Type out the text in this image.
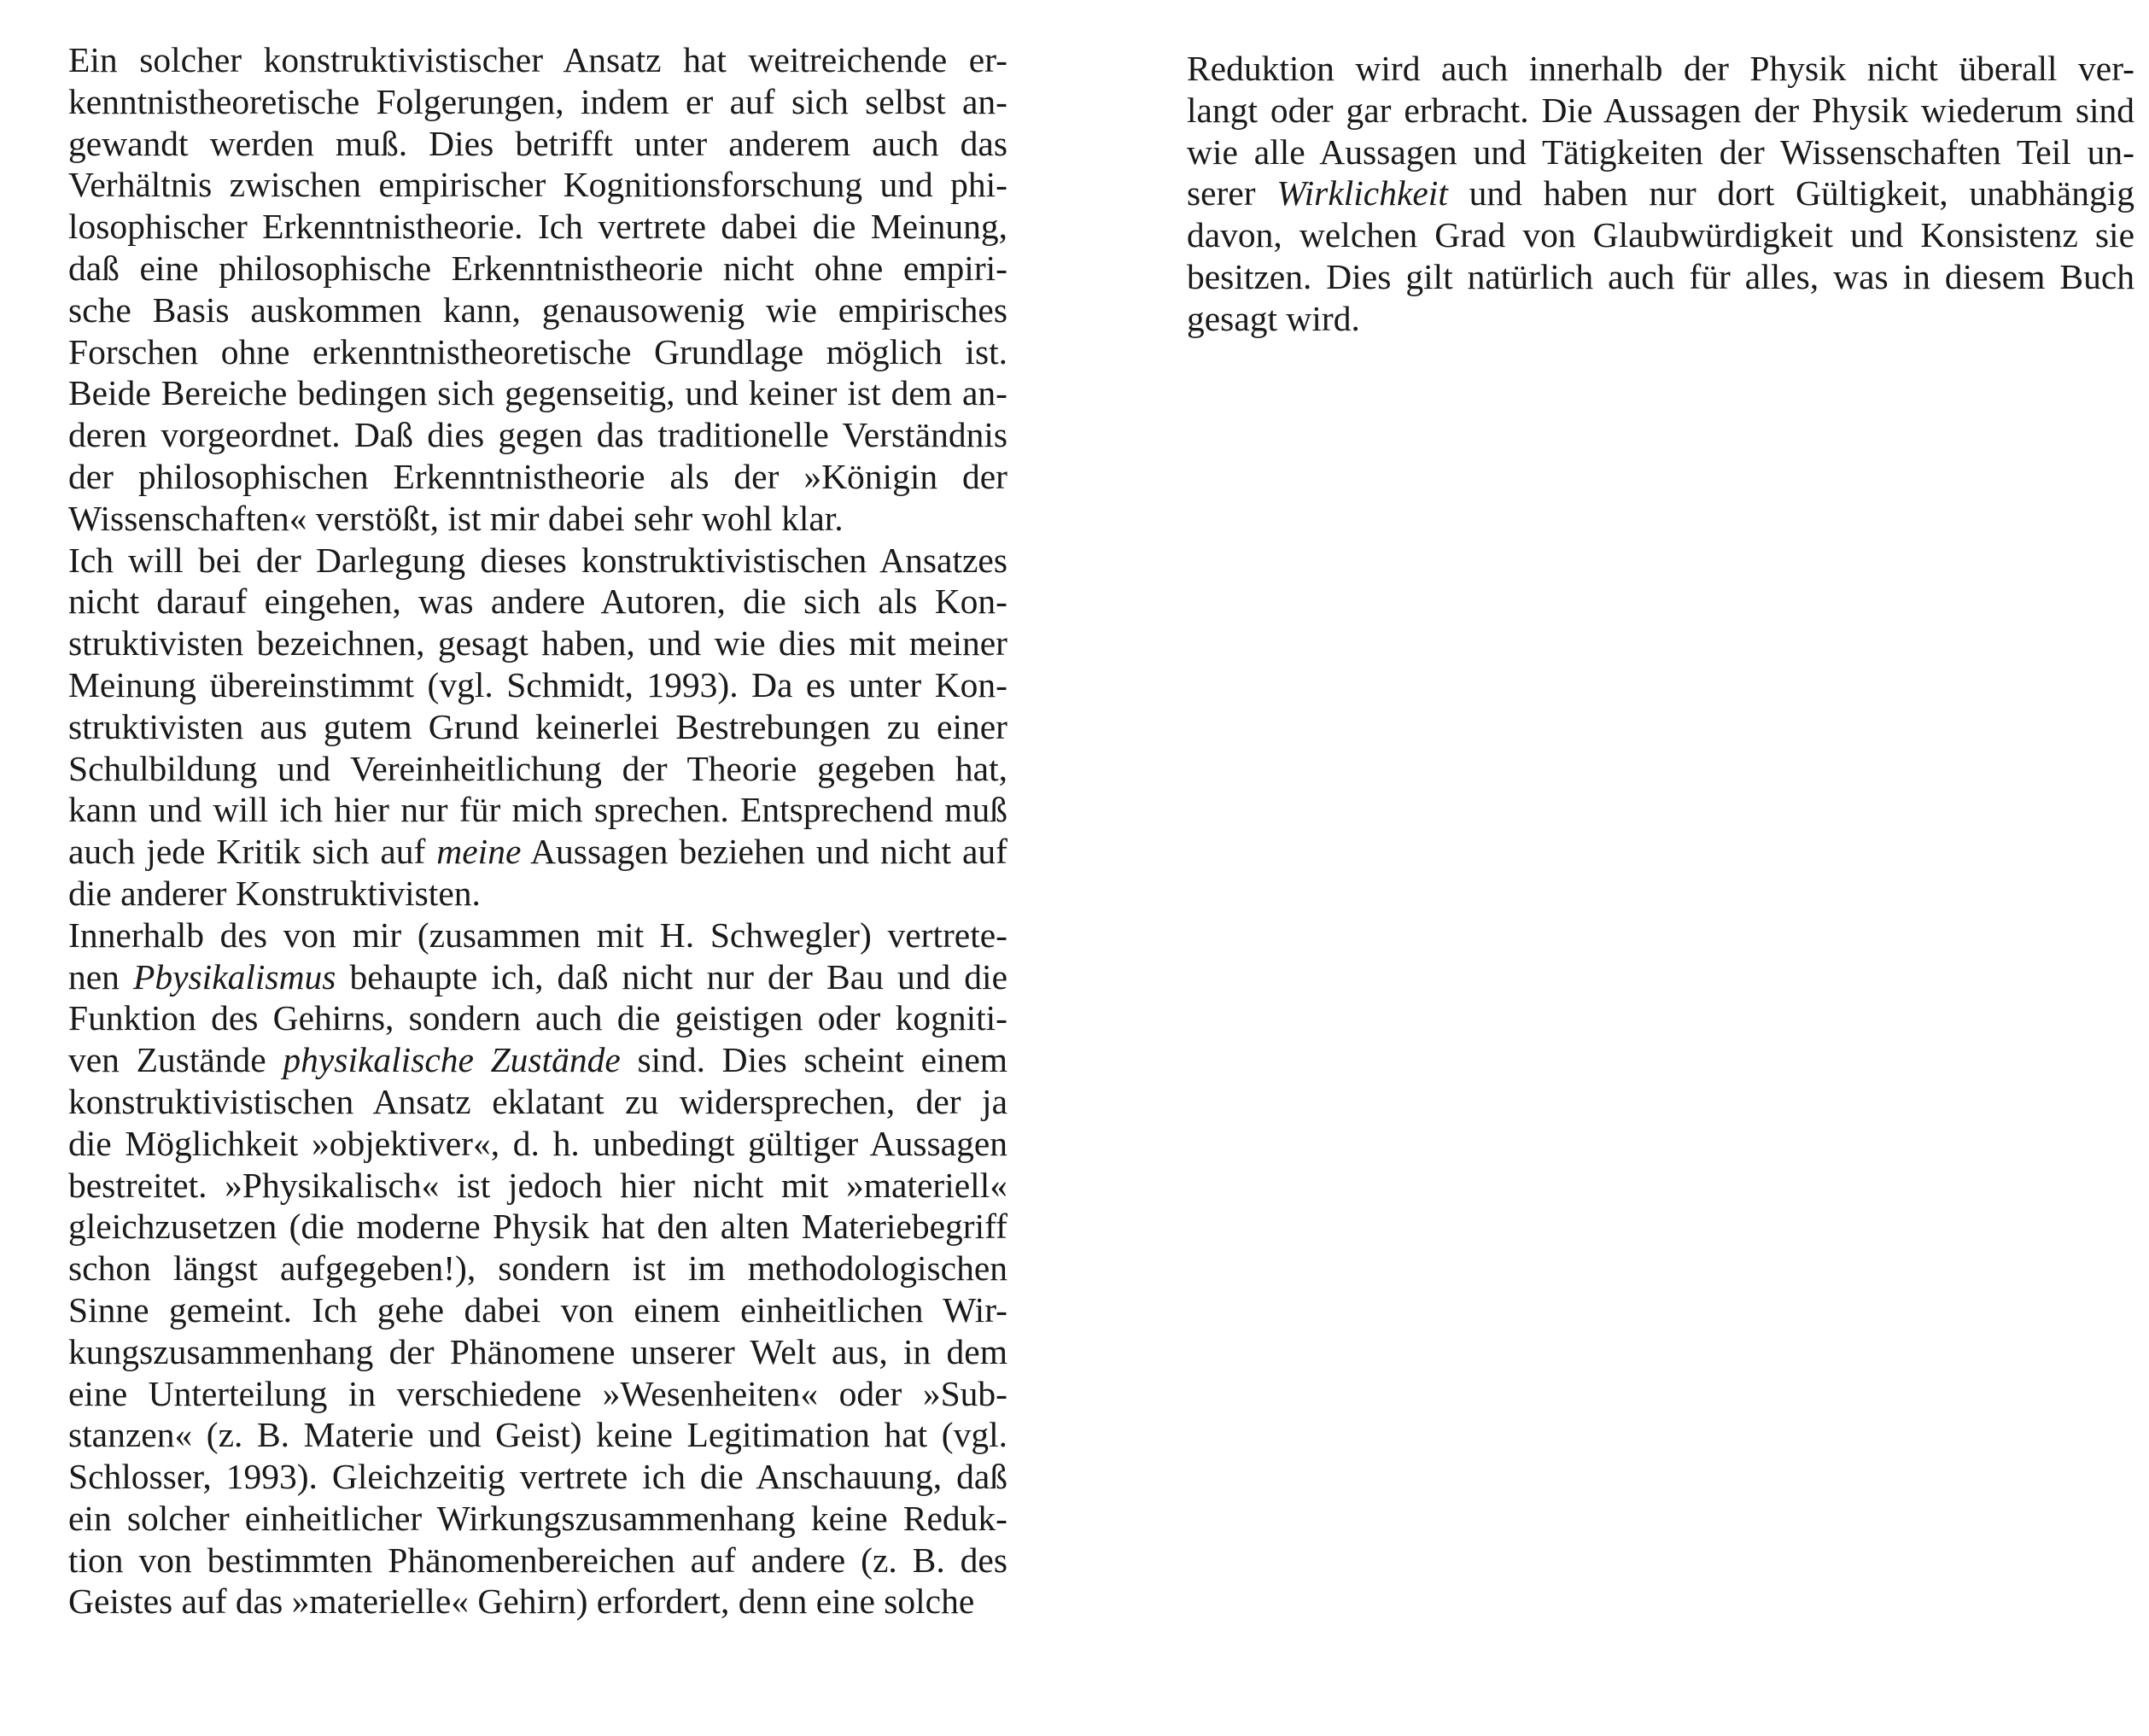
Ein solcher konstruktivistischer Ansatz hat weitreichende er-
kenntnistheoretische Folgerungen, indem er auf sich selbst an-
gewandt werden muß. Dies betrifft unter anderem auch das
Verhältnis zwischen empirischer Kognitionsforschung und phi-
losophischer Erkenntnistheorie. Ich vertrete dabei die Meinung,
daß eine philosophische Erkenntnistheorie nicht ohne empiri-
sche Basis auskommen kann, genausowenig wie empirisches
Forschen ohne erkenntnistheoretische Grundlage möglich ist.
Beide Bereiche bedingen sich gegenseitig, und keiner ist dem an-
deren vorgeordnet. Daß dies gegen das traditionelle Verständnis
der philosophischen Erkenntnistheorie als der »Königin der
Wissenschaften« verstößt, ist mir dabei sehr wohl klar.
Ich will bei der Darlegung dieses konstruktivistischen Ansatzes
nicht darauf eingehen, was andere Autoren, die sich als Kon-
struktivisten bezeichnen, gesagt haben, und wie dies mit meiner
Meinung übereinstimmt (vgl. Schmidt, 1993). Da es unter Kon-
struktivisten aus gutem Grund keinerlei Bestrebungen zu einer
Schulbildung und Vereinheitlichung der Theorie gegeben hat,
kann und will ich hier nur für mich sprechen. Entsprechend muß
auch jede Kritik sich auf meine Aussagen beziehen und nicht auf
die anderer Konstruktivisten.
Innerhalb des von mir (zusammen mit H. Schwegler) vertrete-
nen Pbysikalismus behaupte ich, daß nicht nur der Bau und die
Funktion des Gehirns, sondern auch die geistigen oder kogniti-
ven Zustände physikalische Zustände sind. Dies scheint einem
konstruktivistischen Ansatz eklatant zu widersprechen, der ja
die Möglichkeit »objektiver«, d. h. unbedingt gültiger Aussagen
bestreitet. »Physikalisch« ist jedoch hier nicht mit »materiell«
gleichzusetzen (die moderne Physik hat den alten Materiebegriff
schon längst aufgegeben!), sondern ist im methodologischen
Sinne gemeint. Ich gehe dabei von einem einheitlichen Wir-
kungszusammenhang der Phänomene unserer Welt aus, in dem
eine Unterteilung in verschiedene »Wesenheiten« oder »Sub-
stanzen« (z. B. Materie und Geist) keine Legitimation hat (vgl.
Schlosser, 1993). Gleichzeitig vertrete ich die Anschauung, daß
ein solcher einheitlicher Wirkungszusammenhang keine Reduk-
tion von bestimmten Phänomenbereichen auf andere (z. B. des
Geistes auf das »materielle« Gehirn) erfordert, denn eine solche
Reduktion wird auch innerhalb der Physik nicht überall ver-
langt oder gar erbracht. Die Aussagen der Physik wiederum sind
wie alle Aussagen und Tätigkeiten der Wissenschaften Teil un-
serer Wirklichkeit und haben nur dort Gültigkeit, unabhängig
davon, welchen Grad von Glaubwürdigkeit und Konsistenz sie
besitzen. Dies gilt natürlich auch für alles, was in diesem Buch
gesagt wird.
